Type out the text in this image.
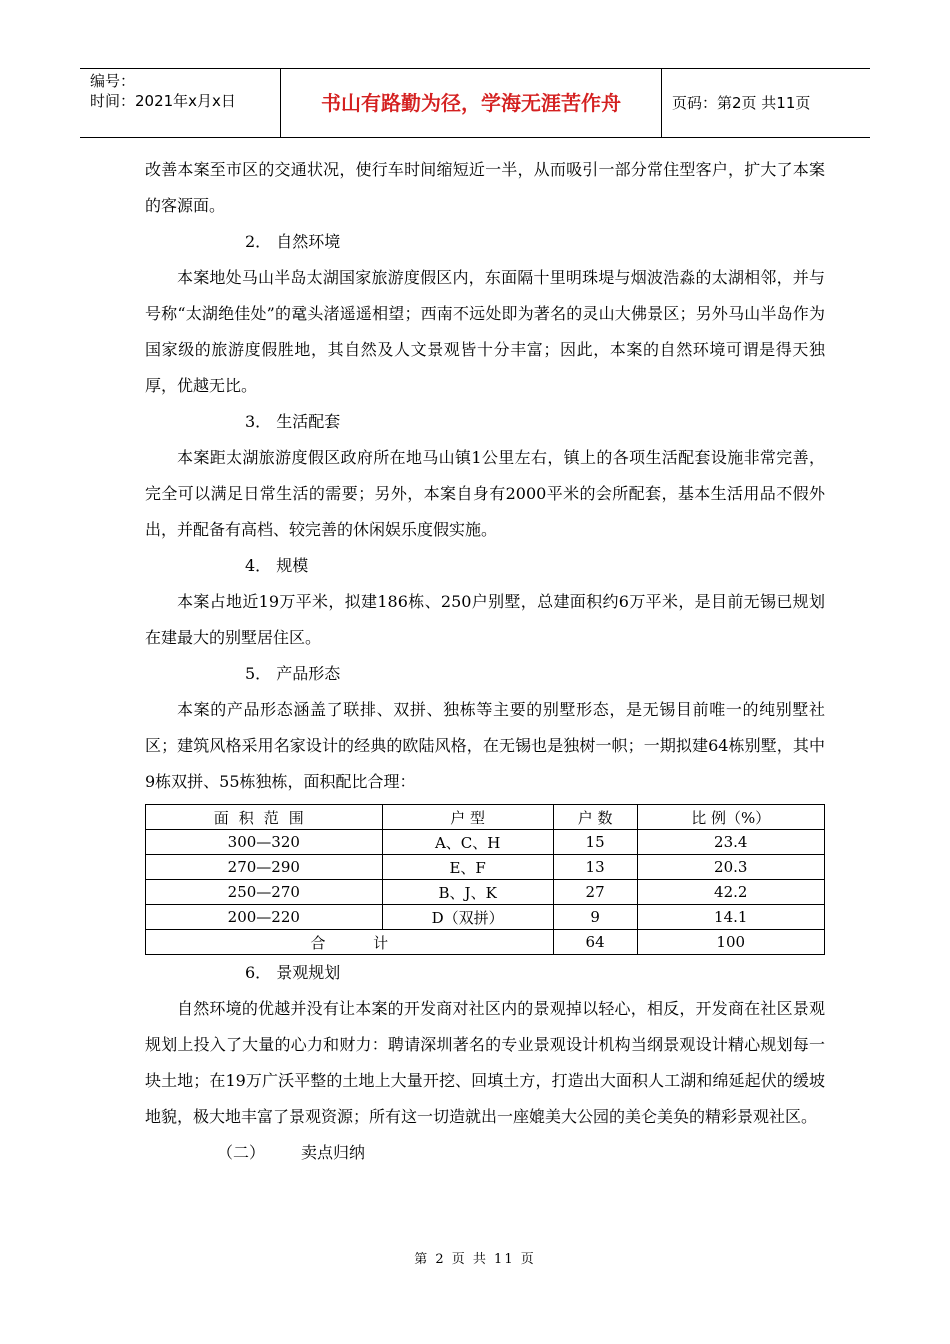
编号：
时间：2021年x月x日	书山有路勤为径，学海无涯苦作舟	页码：第2页 共11页

改善本案至市区的交通状况，使行车时间缩短近一半，从而吸引一部分常住型客户，扩大了本案的客源面。

2． 自然环境

本案地处马山半岛太湖国家旅游度假区内，东面隔十里明珠堤与烟波浩淼的太湖相邻，并与号称“太湖绝佳处”的鼋头渚遥遥相望；西南不远处即为著名的灵山大佛景区；另外马山半岛作为国家级的旅游度假胜地，其自然及人文景观皆十分丰富；因此，本案的自然环境可谓是得天独厚，优越无比。

3． 生活配套

本案距太湖旅游度假区政府所在地马山镇1公里左右，镇上的各项生活配套设施非常完善，完全可以满足日常生活的需要；另外，本案自身有2000平米的会所配套，基本生活用品不假外出，并配备有高档、较完善的休闲娱乐度假实施。

4． 规模

本案占地近19万平米，拟建186栋、250户别墅，总建面积约6万平米，是目前无锡已规划在建最大的别墅居住区。

5． 产品形态

本案的产品形态涵盖了联排、双拼、独栋等主要的别墅形态，是无锡目前唯一的纯别墅社区；建筑风格采用名家设计的经典的欧陆风格，在无锡也是独树一帜；一期拟建64栋别墅，其中9栋双拼、55栋独栋，面积配比合理：

面积范围	户 型	户 数	比 例（%）
300—320	A、C、H	15	23.4
270—290	E、F	13	20.3
250—270	B、J、K	27	42.2
200—220	D（双拼）	9	14.1
合          计		64	100

6． 景观规划

自然环境的优越并没有让本案的开发商对社区内的景观掉以轻心，相反，开发商在社区景观规划上投入了大量的心力和财力：聘请深圳著名的专业景观设计机构当纲景观设计精心规划每一块土地；在19万广沃平整的土地上大量开挖、回填土方，打造出大面积人工湖和绵延起伏的缓坡地貌，极大地丰富了景观资源；所有这一切造就出一座媲美大公园的美仑美奂的精彩景观社区。

（二） 卖点归纳

第 2 页 共 11 页
